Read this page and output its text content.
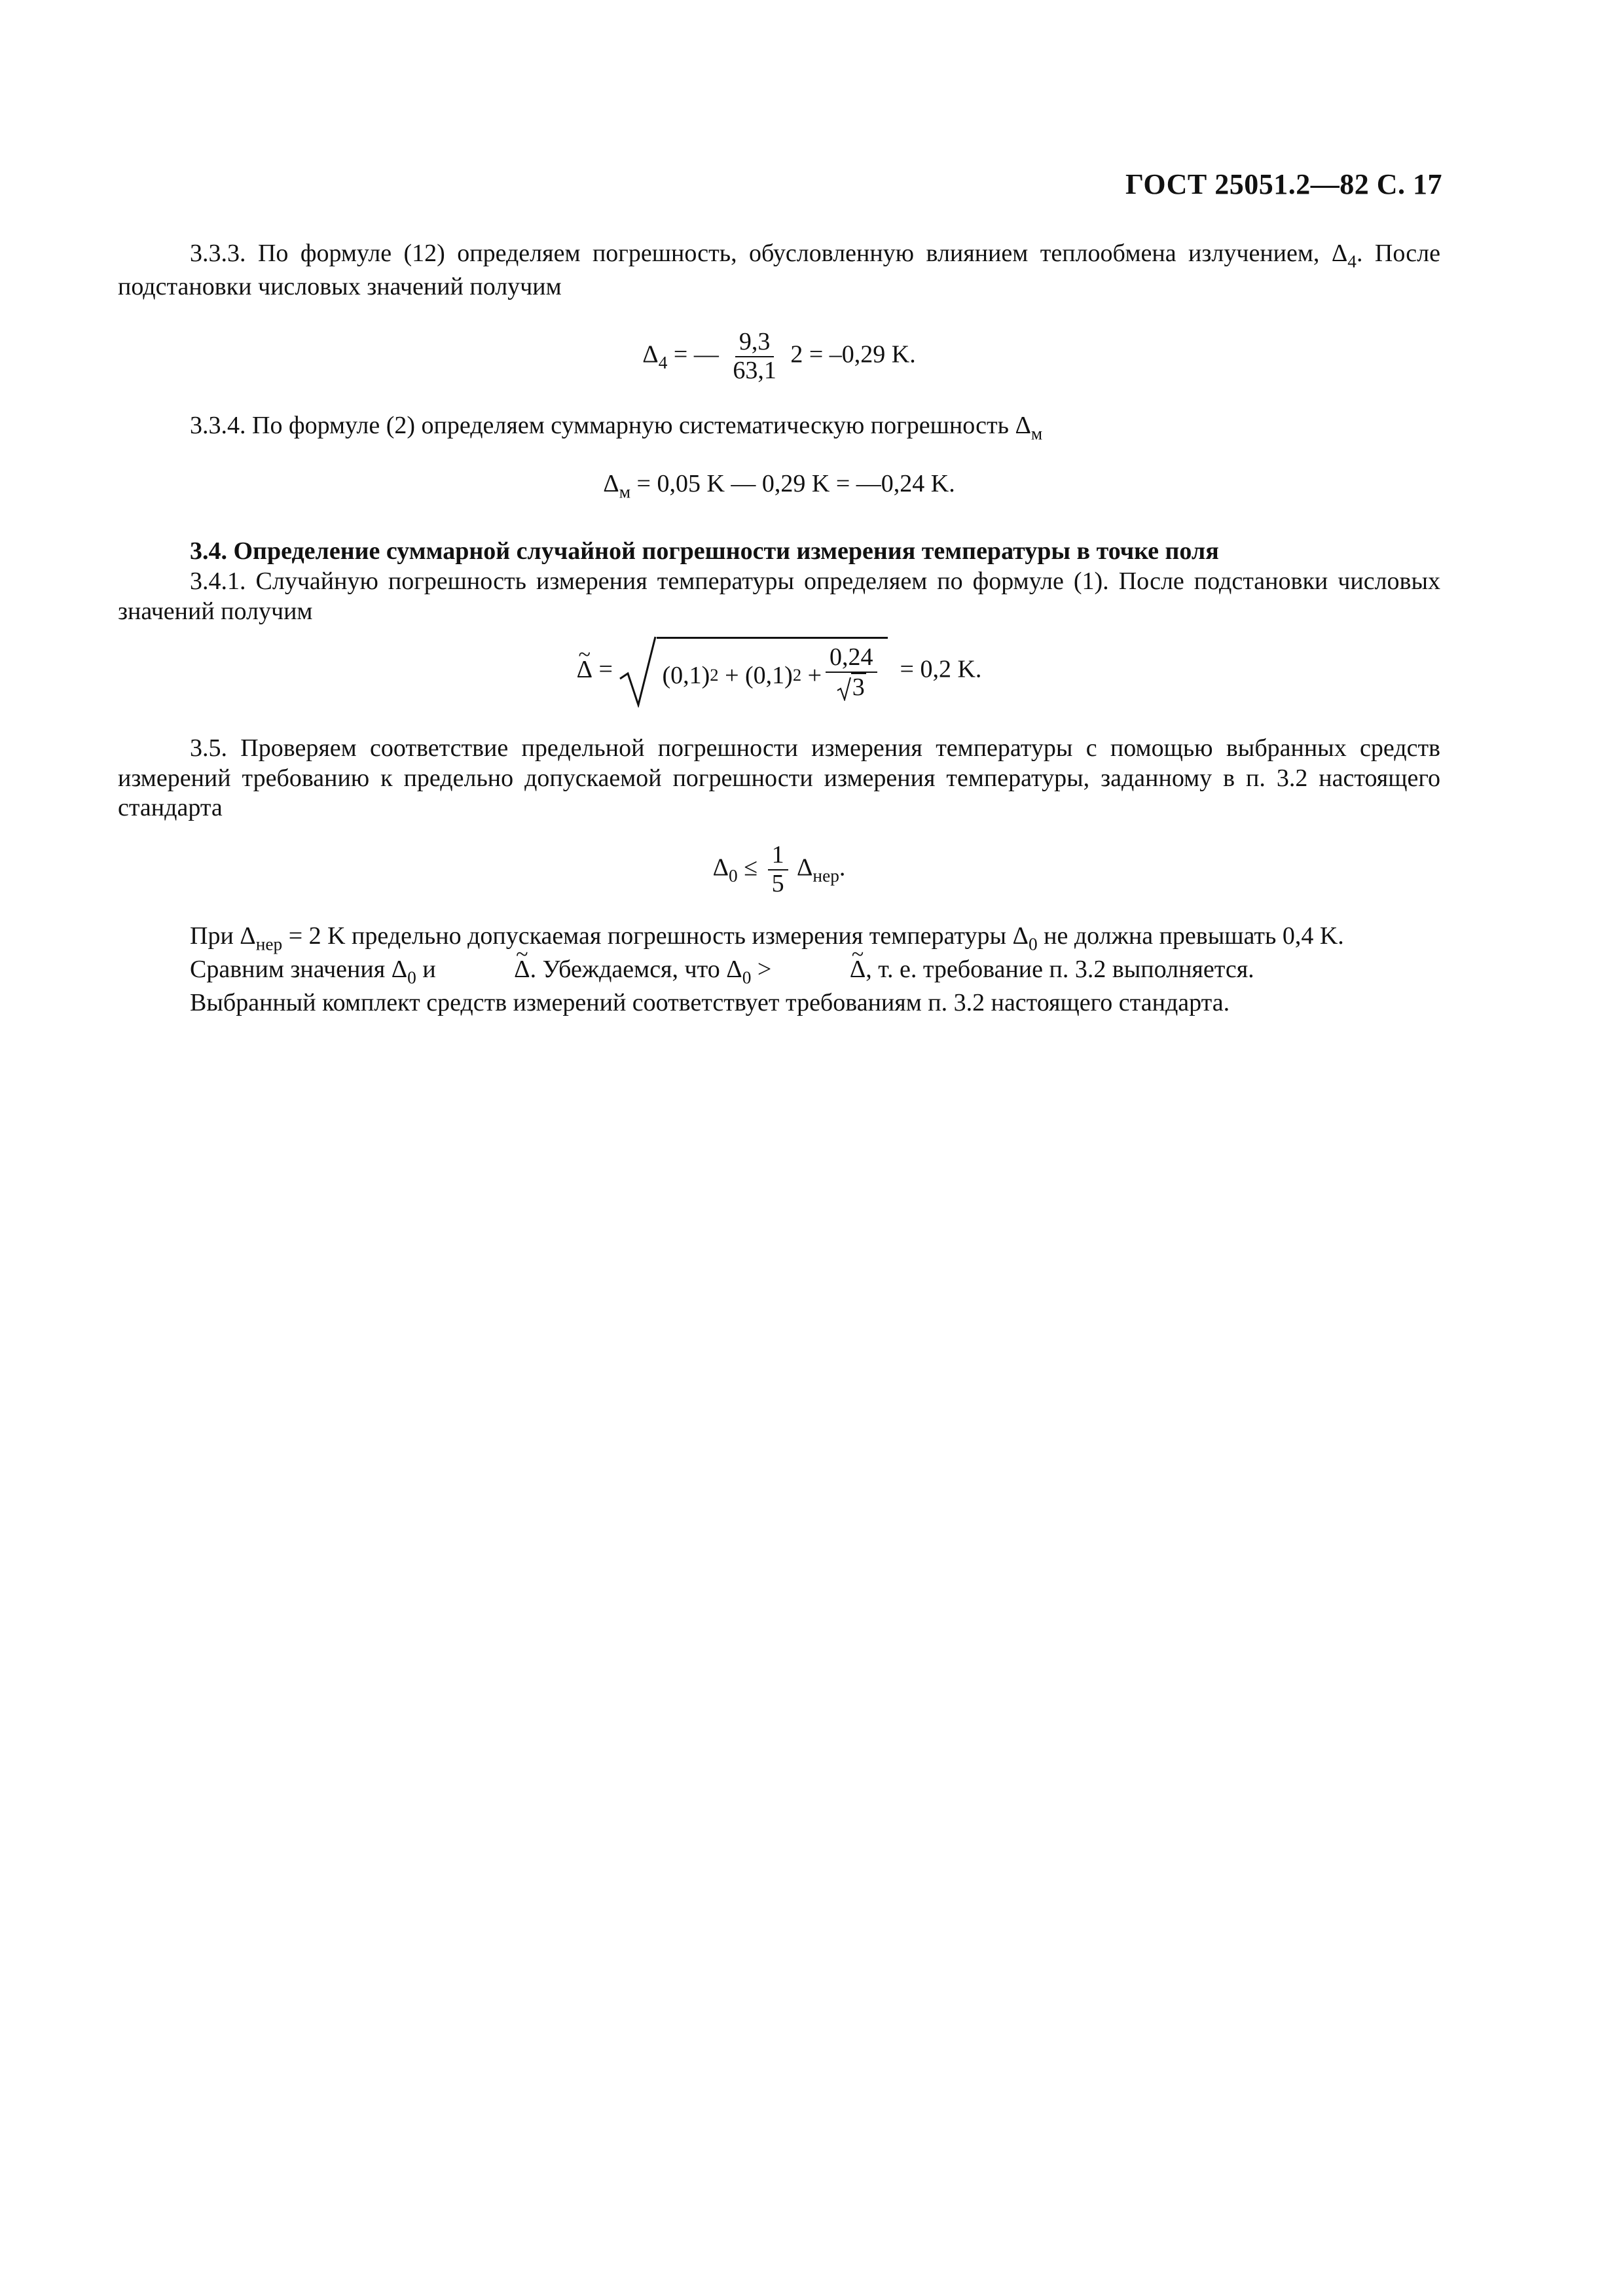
ГОСТ 25051.2—82 С. 17

3.3.3. По формуле (12) определяем погрешность, обусловленную влиянием теплообмена излучением, $\Delta_4$. После подстановки числовых значений получим

$\Delta_4$ = — $\frac{9,3}{63,1} 2 = -0,29$ K.

3.3.4. По формуле (2) определяем суммарную систематическую погрешность $\Delta_м$

$\Delta_м = 0,05$ K — 0,29 K = —0,24 K.

3.4. Определение суммарной случайной погрешности измерения температуры в точке поля

3.4.1. Случайную погрешность измерения температуры определяем по формуле (1). После подстановки числовых значений получим

~ Δ = (0,1) 2
+
(0,1) 2
+ $\frac{0,24}{3} = 0,2$ K.

3.5. Проверяем соответствие предельной погрешности измерения температуры с помощью выбранных средств измерений требованию к предельно допускаемой погрешности измерения температуры, заданному в п. 3.2 настоящего стандарта

$\Delta_0 \le \frac{1}{5} \Delta_{нер}$.

При $\Delta_{нер} = 2$ K предельно допускаемая погрешность измерения температуры $\Delta_0$ не должна превышать 0,4 K.

Сравним значения $\Delta_0$ и	~ Δ. Убеждаемся, что $\Delta_0$ >	~ Δ, т. е. требование п. 3.2 выполняется.

Выбранный комплект средств измерений соответствует требованиям п. 3.2 настоящего стандарта.
